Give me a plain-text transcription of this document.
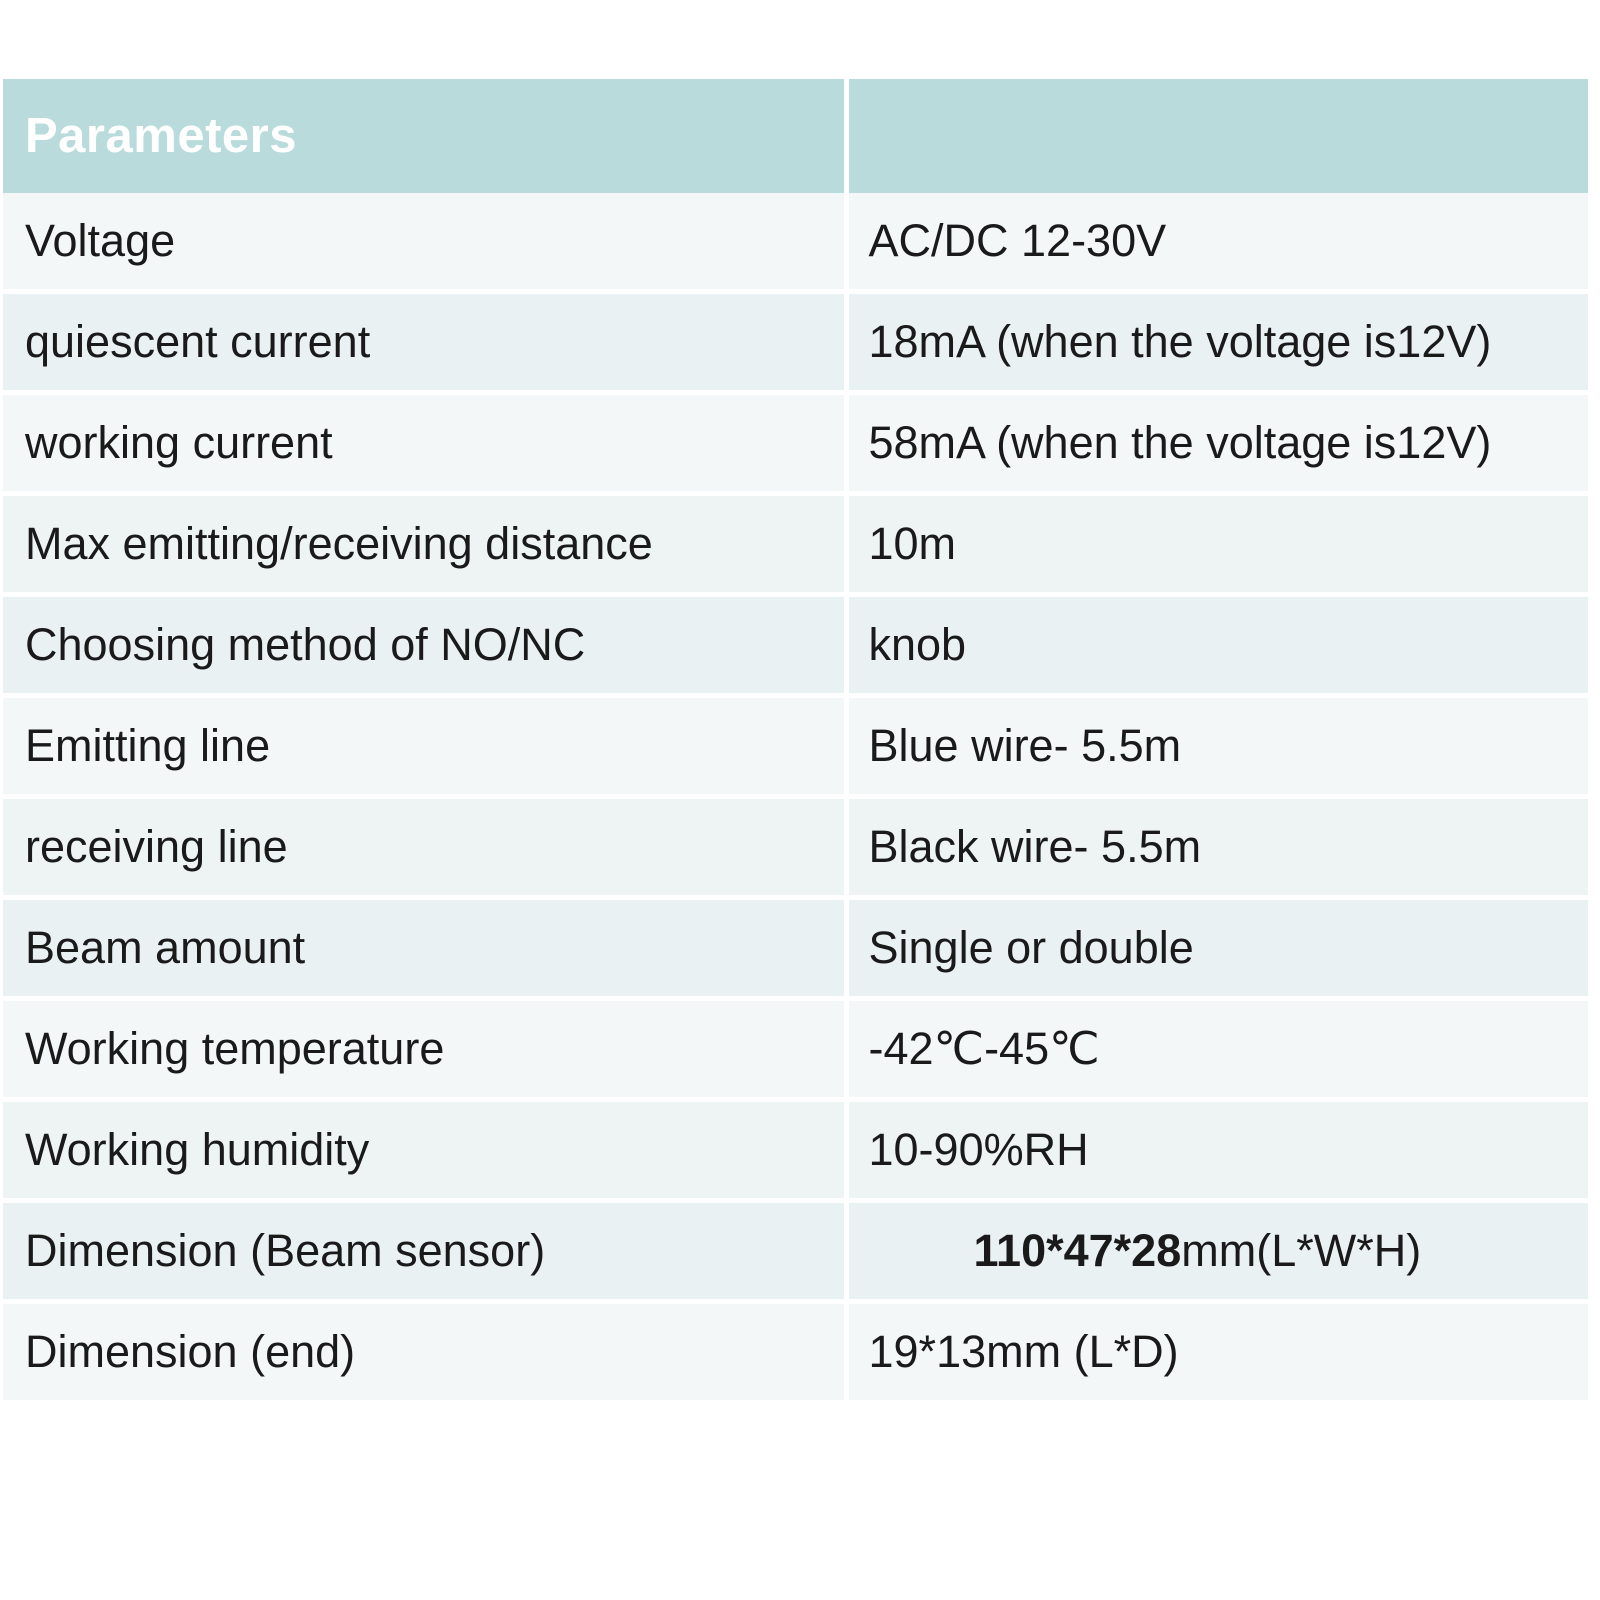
Parameters	
Voltage	AC/DC 12-30V
quiescent current	18mA (when the voltage is12V)
working current	58mA (when the voltage is12V)
Max emitting/receiving distance	10m
Choosing method of NO/NC	knob
Emitting line	Blue wire- 5.5m
receiving line	Black wire- 5.5m
Beam amount	Single or double
Working temperature	-42℃-45℃
Working humidity	10-90%RH
Dimension (Beam sensor)	110*47*28mm(L*W*H)
Dimension (end)	19*13mm (L*D)
